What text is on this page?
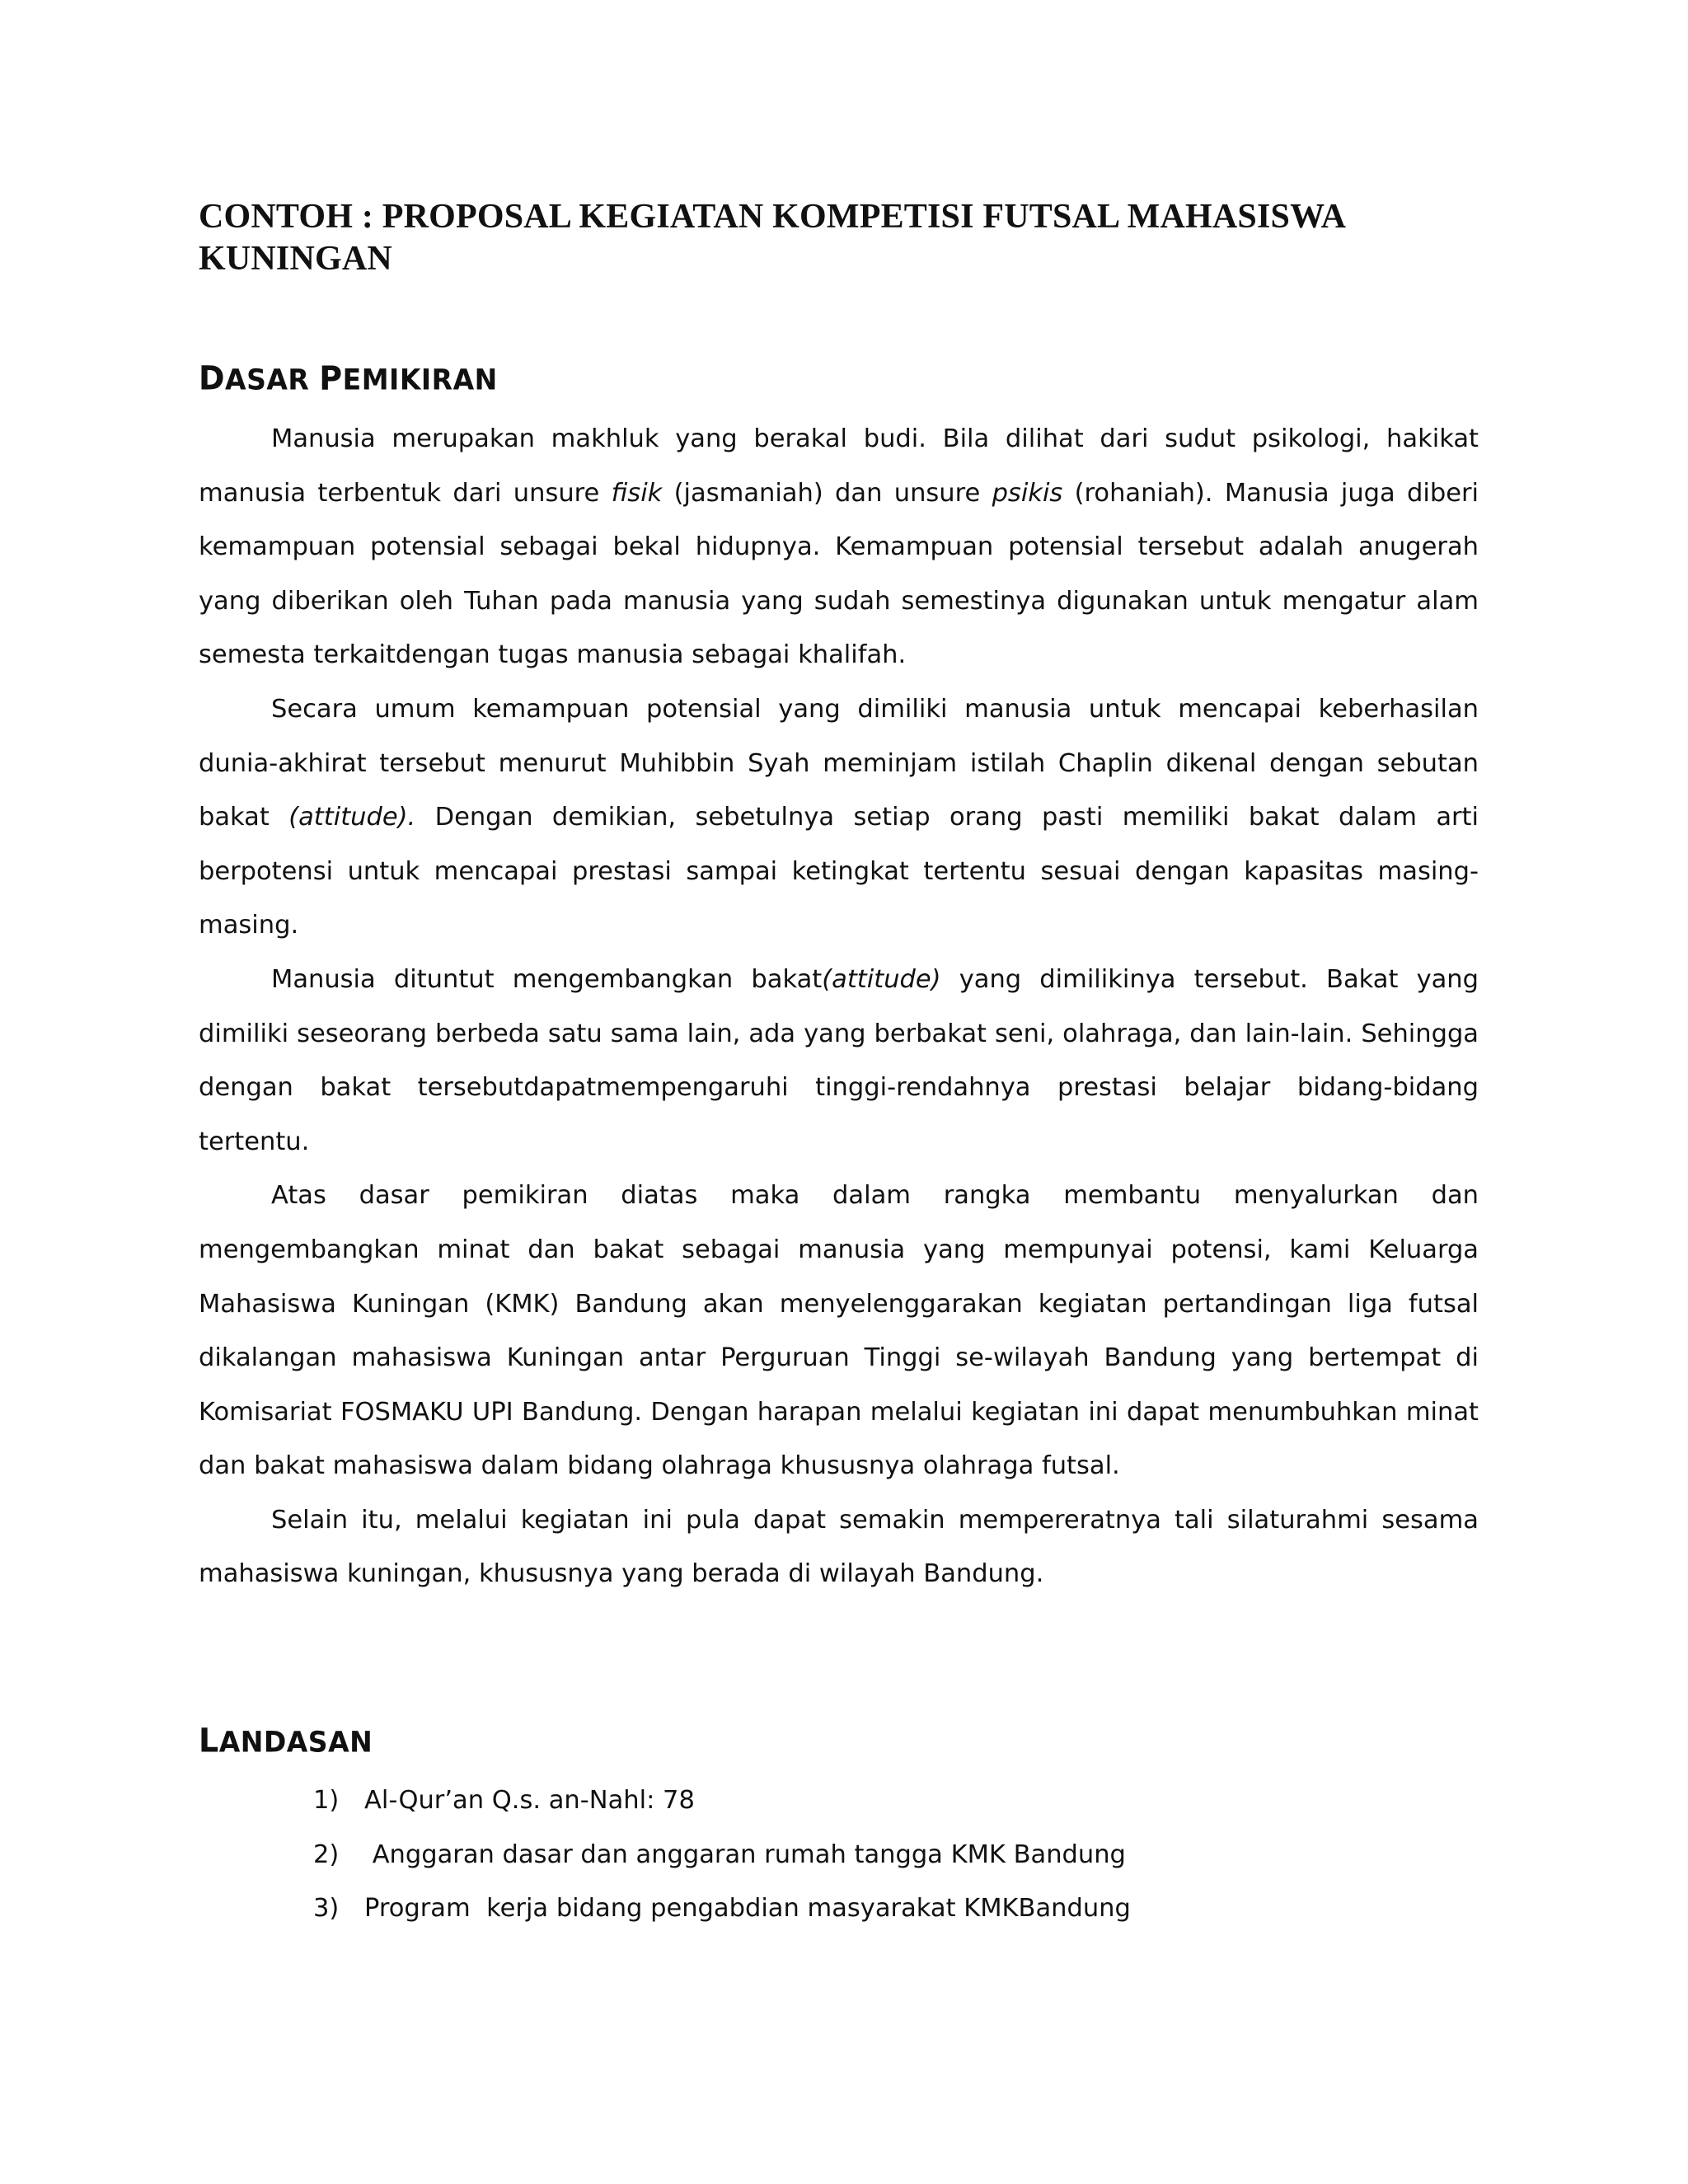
CONTOH : PROPOSAL KEGIATAN KOMPETISI FUTSAL MAHASISWA KUNINGAN
DASAR PEMIKIRAN

Manusia merupakan makhluk yang berakal budi. Bila dilihat dari sudut psikologi, hakikat manusia terbentuk dari unsure fisik (jasmaniah) dan unsure psikis (rohaniah). Manusia juga diberi kemampuan potensial sebagai bekal hidupnya. Kemampuan potensial tersebut adalah anugerah yang diberikan oleh Tuhan pada manusia yang sudah semestinya digunakan untuk mengatur alam semesta terkaitdengan tugas manusia sebagai khalifah.

Secara umum kemampuan potensial yang dimiliki manusia untuk mencapai keberhasilan dunia-akhirat tersebut menurut Muhibbin Syah meminjam istilah Chaplin dikenal dengan sebutan bakat (attitude). Dengan demikian, sebetulnya setiap orang pasti memiliki bakat dalam arti berpotensi untuk mencapai prestasi sampai ketingkat tertentu sesuai dengan kapasitas masing-masing.

Manusia dituntut mengembangkan bakat(attitude) yang dimilikinya tersebut. Bakat yang dimiliki seseorang berbeda satu sama lain, ada yang berbakat seni, olahraga, dan lain-lain. Sehingga dengan bakat tersebutdapatmempengaruhi tinggi-rendahnya prestasi belajar bidang-bidang tertentu.

Atas dasar pemikiran diatas maka dalam rangka membantu menyalurkan dan mengembangkan minat dan bakat sebagai manusia yang mempunyai potensi, kami Keluarga Mahasiswa Kuningan (KMK) Bandung akan menyelenggarakan kegiatan pertandingan liga futsal dikalangan mahasiswa Kuningan antar Perguruan Tinggi se-wilayah Bandung yang bertempat di Komisariat FOSMAKU UPI Bandung. Dengan harapan melalui kegiatan ini dapat menumbuhkan minat dan bakat mahasiswa dalam bidang olahraga khususnya olahraga futsal.

Selain itu, melalui kegiatan ini pula dapat semakin mempereratnya tali silaturahmi sesama mahasiswa kuningan, khususnya yang berada di wilayah Bandung.

LANDASAN
1) Al-Qur’an Q.s. an-Nahl: 78
2) Anggaran dasar dan anggaran rumah tangga KMK Bandung
3) Program  kerja bidang pengabdian masyarakat KMKBandung
